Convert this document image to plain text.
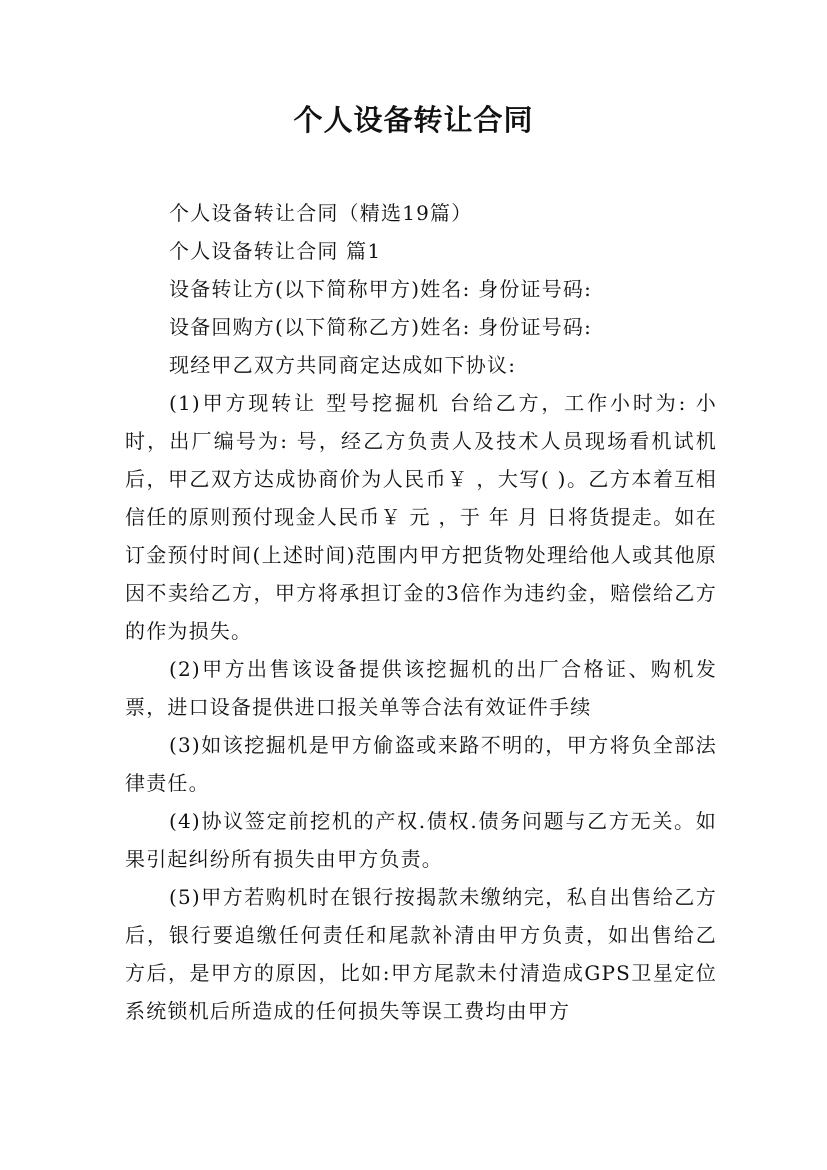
个人设备转让合同

个人设备转让合同（精选19篇）

个人设备转让合同 篇1

设备转让方(以下简称甲方)姓名: 身份证号码:

设备回购方(以下简称乙方)姓名: 身份证号码:

现经甲乙双方共同商定达成如下协议:

(1)甲方现转让 型号挖掘机 台给乙方，工作小时为: 小时，出厂编号为: 号，经乙方负责人及技术人员现场看机试机后，甲乙双方达成协商价为人民币￥ ，大写( )。乙方本着互相信任的原则预付现金人民币￥ 元 ，于 年 月 日将货提走。如在订金预付时间(上述时间)范围内甲方把货物处理给他人或其他原因不卖给乙方，甲方将承担订金的3倍作为违约金，赔偿给乙方的作为损失。

(2)甲方出售该设备提供该挖掘机的出厂合格证、购机发票，进口设备提供进口报关单等合法有效证件手续

(3)如该挖掘机是甲方偷盗或来路不明的，甲方将负全部法律责任。

(4)协议签定前挖机的产权.债权.债务问题与乙方无关。如果引起纠纷所有损失由甲方负责。

(5)甲方若购机时在银行按揭款未缴纳完，私自出售给乙方后，银行要追缴任何责任和尾款补清由甲方负责，如出售给乙方后，是甲方的原因，比如:甲方尾款未付清造成GPS卫星定位系统锁机后所造成的任何损失等误工费均由甲方
